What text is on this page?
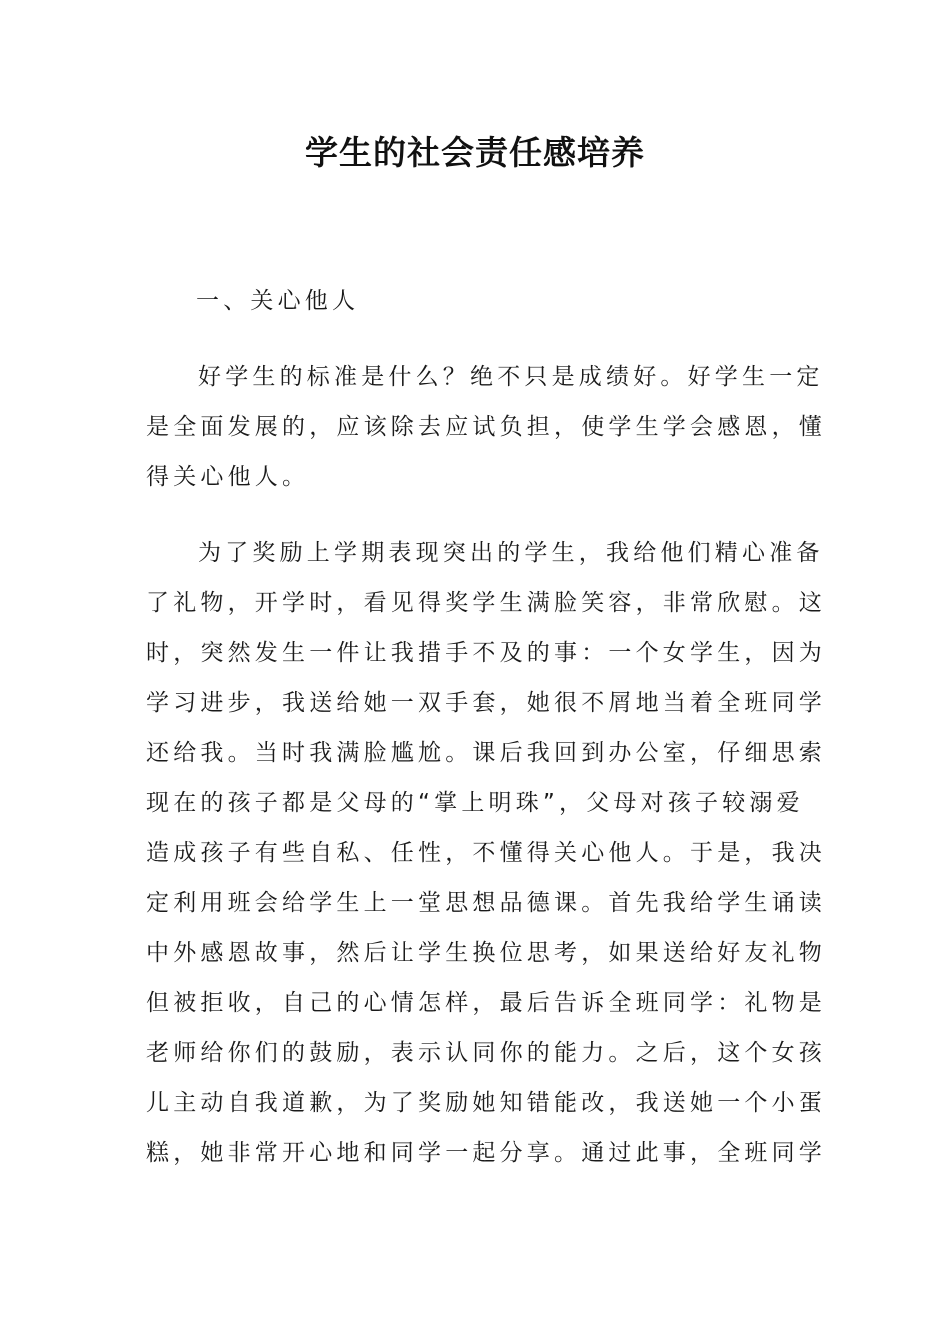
学生的社会责任感培养
一、关心他人
好学生的标准是什么？绝不只是成绩好。好学生一定
是全面发展的，应该除去应试负担，使学生学会感恩，懂
得关心他人。
为了奖励上学期表现突出的学生，我给他们精心准备
了礼物，开学时，看见得奖学生满脸笑容，非常欣慰。这
时，突然发生一件让我措手不及的事：一个女学生，因为
学习进步，我送给她一双手套，她很不屑地当着全班同学
还给我。当时我满脸尴尬。课后我回到办公室，仔细思索
现在的孩子都是父母的“掌上明珠”，父母对孩子较溺爱
造成孩子有些自私、任性，不懂得关心他人。于是，我决
定利用班会给学生上一堂思想品德课。首先我给学生诵读
中外感恩故事，然后让学生换位思考，如果送给好友礼物
但被拒收，自己的心情怎样，最后告诉全班同学：礼物是
老师给你们的鼓励，表示认同你的能力。之后，这个女孩
儿主动自我道歉，为了奖励她知错能改，我送她一个小蛋
糕，她非常开心地和同学一起分享。通过此事，全班同学
